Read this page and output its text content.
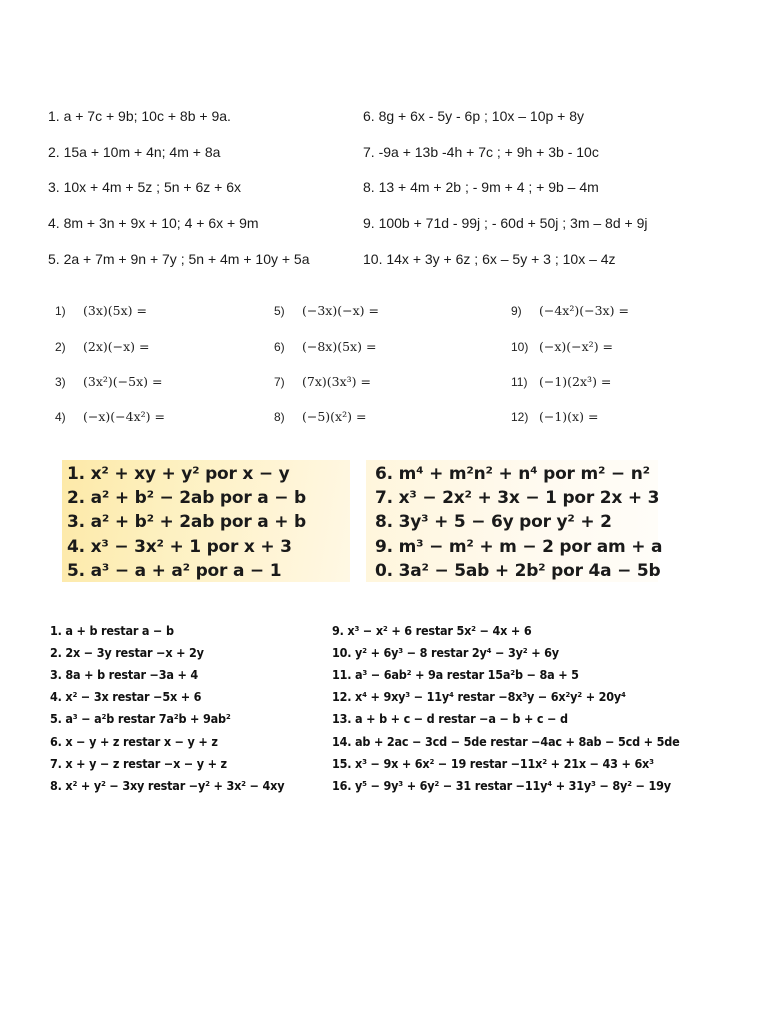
1. a + 7c + 9b; 10c + 8b + 9a.
2. 15a + 10m + 4n; 4m + 8a
3. 10x + 4m + 5z ; 5n + 6z + 6x
4. 8m + 3n + 9x + 10; 4 + 6x + 9m
5. 2a + 7m + 9n + 7y ; 5n + 4m + 10y + 5a
6. 8g + 6x - 5y - 6p ; 10x – 10p + 8y
7. -9a + 13b -4h + 7c ; + 9h + 3b - 10c
8. 13 + 4m + 2b ; - 9m + 4 ; + 9b – 4m
9. 100b + 71d - 99j ; - 60d + 50j ; 3m – 8d + 9j
10. 14x + 3y + 6z ; 6x – 5y + 3 ; 10x – 4z
1) (3x)(5x) =
2) (2x)(−x) =
3) (3x²)(−5x) =
4) (−x)(−4x²) =
5) (−3x)(−x) =
6) (−8x)(5x) =
7) (7x)(3x³) =
8) (−5)(x²) =
9) (−4x²)(−3x) =
10) (−x)(−x²) =
11) (−1)(2x³) =
12) (−1)(x) =
1. x² + xy + y² por x − y
2. a² + b² − 2ab por a − b
3. a² + b² + 2ab por a + b
4. x³ − 3x² + 1 por x + 3
5. a³ − a + a² por a − 1
6. m⁴ + m²n² + n⁴ por m² − n²
7. x³ − 2x² + 3x − 1 por 2x + 3
8. 3y³ + 5 − 6y por y² + 2
9. m³ − m² + m − 2 por am + a
0. 3a² − 5ab + 2b² por 4a − 5b
1. a + b restar a − b
2. 2x − 3y restar −x + 2y
3. 8a + b restar −3a + 4
4. x² − 3x restar −5x + 6
5. a³ − a²b restar 7a²b + 9ab²
6. x − y + z restar x − y + z
7. x + y − z restar −x − y + z
8. x² + y² − 3xy restar −y² + 3x² − 4xy
9. x³ − x² + 6 restar 5x² − 4x + 6
10. y² + 6y³ − 8 restar 2y⁴ − 3y² + 6y
11. a³ − 6ab² + 9a restar 15a²b − 8a + 5
12. x⁴ + 9xy³ − 11y⁴ restar −8x³y − 6x²y² + 20y⁴
13. a + b + c − d restar −a − b + c − d
14. ab + 2ac − 3cd − 5de restar −4ac + 8ab − 5cd + 5de
15. x³ − 9x + 6x² − 19 restar −11x² + 21x − 43 + 6x³
16. y⁵ − 9y³ + 6y² − 31 restar −11y⁴ + 31y³ − 8y² − 19y
